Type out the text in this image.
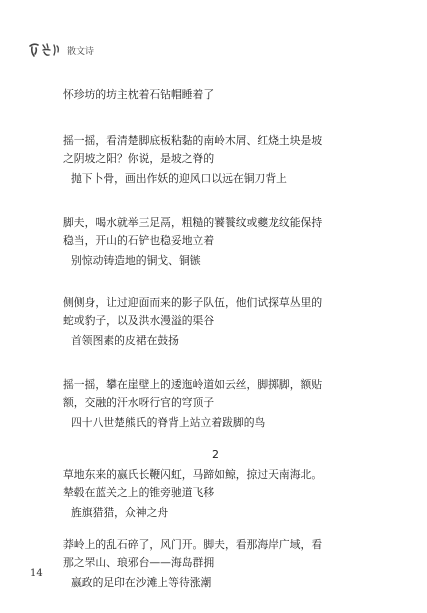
散文诗
怀珍坊的坊主枕着石钻帽睡着了
摇一摇，看清楚脚底板粘黏的南岭木屑、红烧土块是坡
之阴坡之阳？你说，是坡之脊的
抛下卜骨，画出作妖的迎风口以远在铜刀背上
脚夫，喝水就举三足鬲，粗糙的饕餮纹或夔龙纹能保持
稳当，开山的石铲也稳妥地立着
别惊动铸造地的铜戈、铜镞
侧侧身，让过迎面而来的影子队伍，他们试探草丛里的
蛇或豹子，以及洪水漫溢的渠谷
首领图素的皮裙在鼓扬
摇一摇，攀在崖壁上的逶迤岭道如云丝，脚掷脚，额贴
额，交融的汗水呀行官的穹顶子
四十八世楚熊氏的脊背上站立着跋脚的鸟
2
草地东来的嬴氏长鞭闪虹，马蹄如鲸，掠过天南海北。
辇毂在蓝关之上的锥旁驰道飞移
旌旗猎猎，众神之舟
莽岭上的乱石碎了，风门开。脚夫，看那海岸广域，看
那之罘山、琅邪台——海岛群拥
嬴政的足印在沙滩上等待涨潮
14
